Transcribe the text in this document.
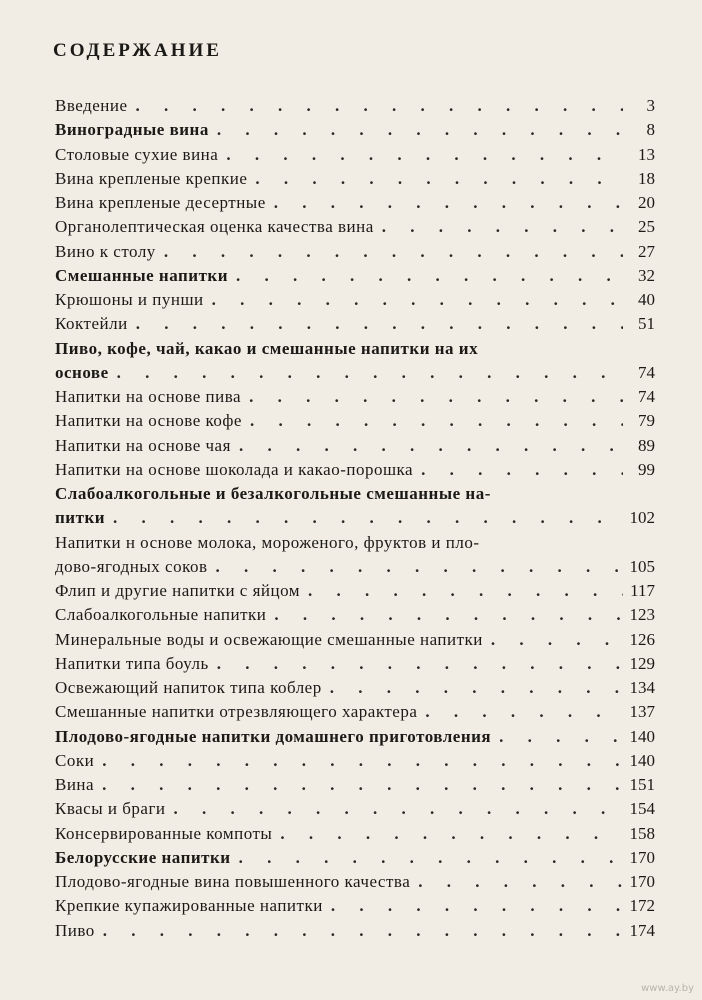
СОДЕРЖАНИЕ
Введение . . .	3
Виноградные вина . . .	8
Столовые сухие вина . . .	13
Вина крепленые крепкие . . .	18
Вина крепленые десертные . . .	20
Органолептическая оценка качества вина . . .	25
Вино к столу . . .	27
Смешанные напитки . . .	32
Крюшоны и пунши . . .	40
Коктейли . . .	51
Пиво, кофе, чай, какао и смешанные напитки на их
основе . . .	74
Напитки на основе пива . . .	74
Напитки на основе кофе . . .	79
Напитки на основе чая . . .	89
Напитки на основе шоколада и какао-порошка . . .	99
Слабоалкогольные и безалкогольные смешанные на-
питки . . .	102
Напитки н основе молока, мороженого, фруктов и пло-
дово-ягодных соков . . .	105
Флип и другие напитки с яйцом . . .	117
Слабоалкогольные напитки . . .	123
Минеральные воды и освежающие смешанные напитки . . .	126
Напитки типа боуль . . .	129
Освежающий напиток типа коблер . . .	134
Смешанные напитки отрезвляющего характера . . .	137
Плодово-ягодные напитки домашнего приготовления . . .	140
Соки . . .	140
Вина . . .	151
Квасы и браги . . .	154
Консервированные компоты . . .	158
Белорусские напитки . . .	170
Плодово-ягодные вина повышенного качества . . .	170
Крепкие купажированные напитки . . .	172
Пиво . . .	174
www.ay.by
